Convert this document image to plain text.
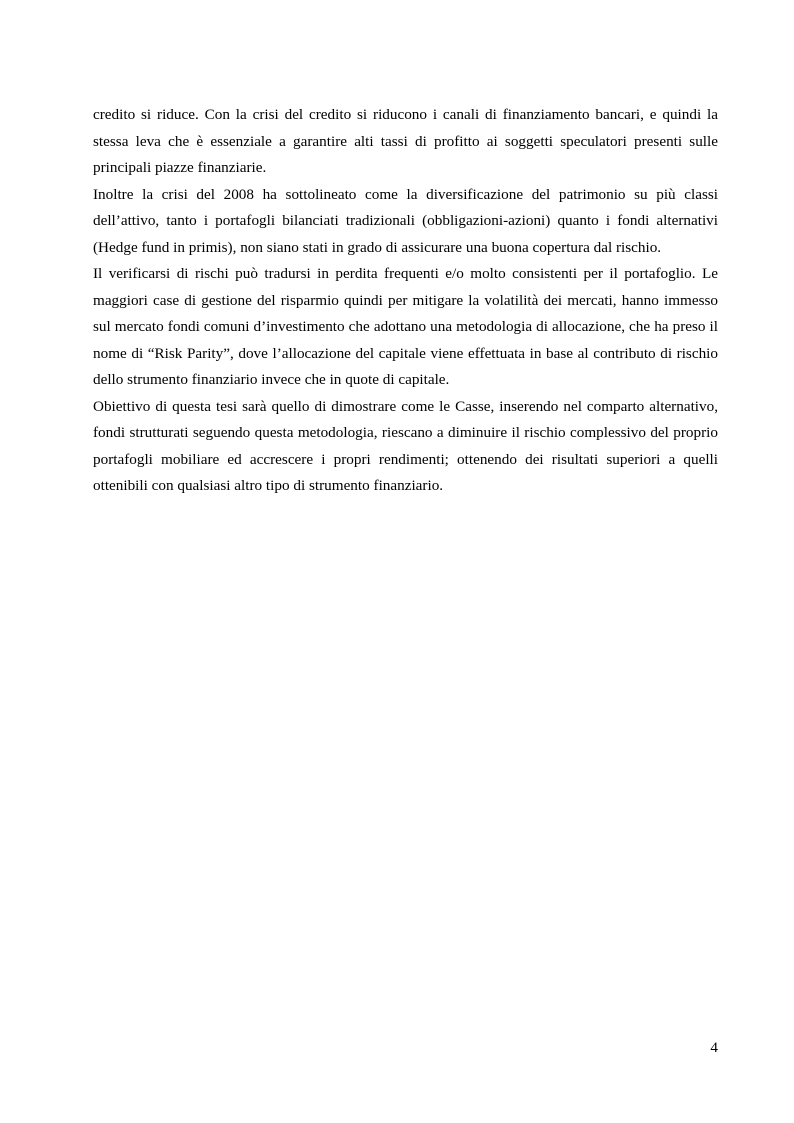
credito si riduce. Con la crisi del credito si riducono i canali di finanziamento bancari, e quindi la stessa leva che è essenziale a garantire alti tassi di profitto ai soggetti speculatori presenti sulle principali piazze finanziarie.

Inoltre la crisi del 2008 ha sottolineato come la diversificazione del patrimonio su più classi dell’attivo, tanto i portafogli bilanciati tradizionali (obbligazioni-azioni) quanto i fondi alternativi (Hedge fund in primis), non siano stati in grado di assicurare una buona copertura dal rischio.

Il verificarsi di rischi può tradursi in perdita frequenti e/o molto consistenti per il portafoglio. Le maggiori case di gestione del risparmio quindi per mitigare la volatilità dei mercati, hanno immesso sul mercato fondi comuni d’investimento che adottano una metodologia di allocazione, che ha preso il nome di “Risk Parity”, dove l’allocazione del capitale viene effettuata in base al contributo di rischio dello strumento finanziario invece che in quote di capitale.

Obiettivo di questa tesi sarà quello di dimostrare come le Casse, inserendo nel comparto alternativo, fondi strutturati seguendo questa metodologia, riescano a diminuire il rischio complessivo del proprio portafogli mobiliare ed accrescere i propri rendimenti; ottenendo dei risultati superiori a quelli ottenibili con qualsiasi altro tipo di strumento finanziario.

4
